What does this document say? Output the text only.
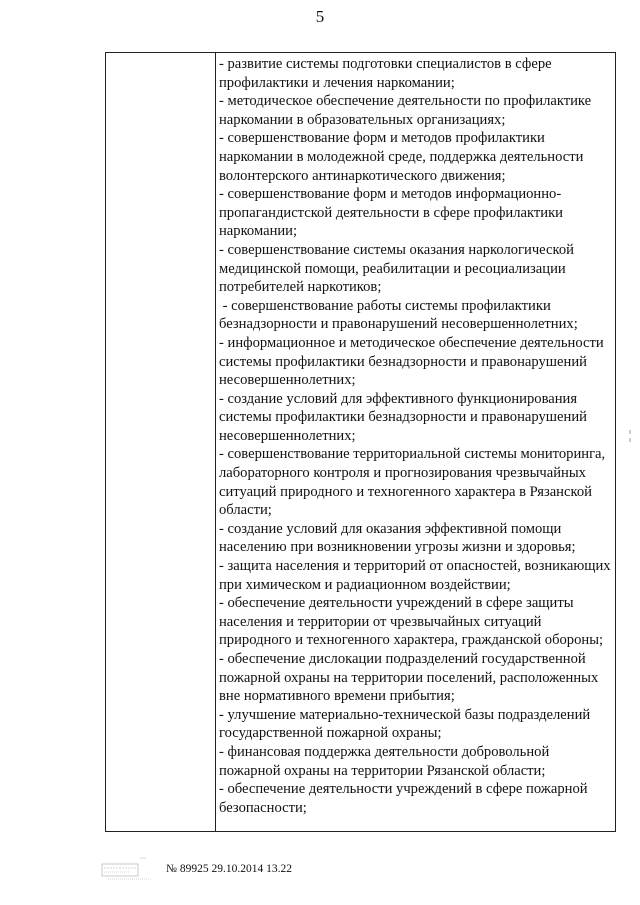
5

- развитие системы подготовки специалистов в сфере профилактики и лечения наркомании;

- методическое обеспечение деятельности по профилактике наркомании в образовательных организациях;

- совершенствование форм и методов профилактики наркомании в молодежной среде, поддержка деятельности волонтерского антинаркотического движения;

- совершенствование форм и методов информационно-пропагандистской деятельности в сфере профилактики наркомании;

- совершенствование системы оказания наркологической медицинской помощи, реабилитации и ресоциализации потребителей наркотиков;

- совершенствование работы системы профилактики безнадзорности и правонарушений несовершеннолетних;

- информационное и методическое обеспечение деятельности системы профилактики безнадзорности и правонарушений несовершеннолетних;

- создание условий для эффективного функционирования системы профилактики безнадзорности и правонарушений несовершеннолетних;

- совершенствование территориальной системы мониторинга, лабораторного контроля и прогнозирования чрезвычайных ситуаций природного и техногенного характера в Рязанской области;

- создание условий для оказания эффективной помощи населению при возникновении угрозы жизни и здоровья;

- защита населения и территорий от опасностей, возникающих при химическом и радиационном воздействии;

- обеспечение деятельности учреждений в сфере защиты населения и территории от чрезвычайных ситуаций природного и техногенного характера, гражданской обороны;

- обеспечение дислокации подразделений государственной пожарной охраны на территории поселений, расположенных вне нормативного времени прибытия;

- улучшение материально-технической базы подразделений государственной пожарной охраны;

- финансовая поддержка деятельности добровольной пожарной охраны на территории Рязанской области;

- обеспечение деятельности учреждений в сфере пожарной безопасности;

№ 89925 29.10.2014 13.22
